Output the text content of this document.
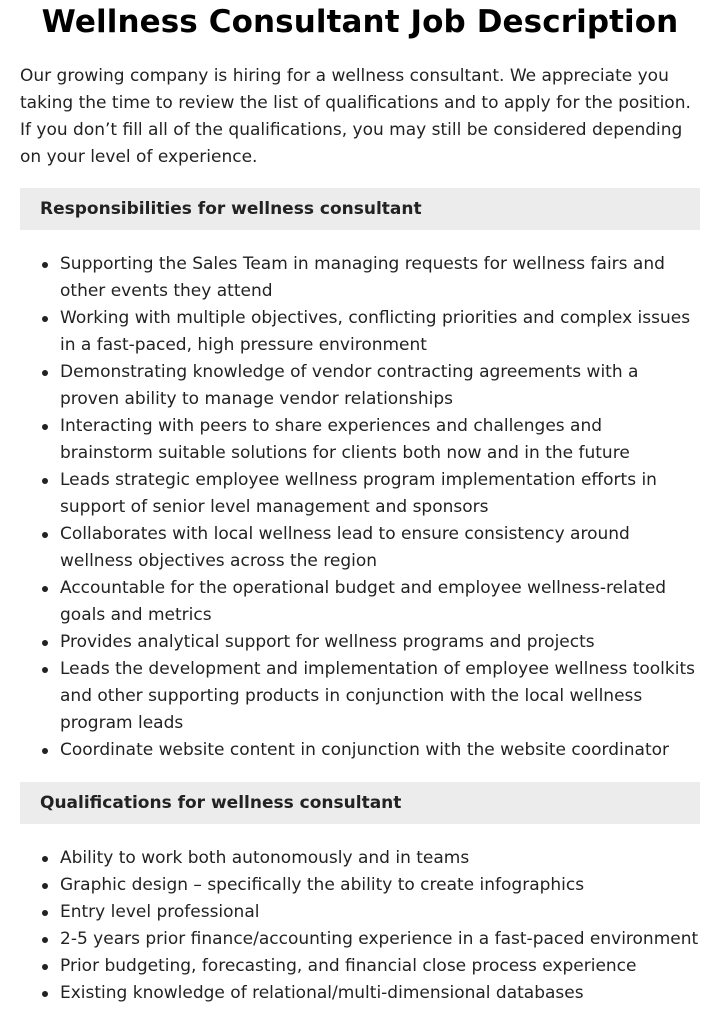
Wellness Consultant Job Description

Our growing company is hiring for a wellness consultant. We appreciate you taking the time to review the list of qualifications and to apply for the position. If you don’t fill all of the qualifications, you may still be considered depending on your level of experience.

Responsibilities for wellness consultant
Supporting the Sales Team in managing requests for wellness fairs and other events they attend
Working with multiple objectives, conflicting priorities and complex issues in a fast-paced, high pressure environment
Demonstrating knowledge of vendor contracting agreements with a proven ability to manage vendor relationships
Interacting with peers to share experiences and challenges and brainstorm suitable solutions for clients both now and in the future
Leads strategic employee wellness program implementation efforts in support of senior level management and sponsors
Collaborates with local wellness lead to ensure consistency around wellness objectives across the region
Accountable for the operational budget and employee wellness-related goals and metrics
Provides analytical support for wellness programs and projects
Leads the development and implementation of employee wellness toolkits and other supporting products in conjunction with the local wellness program leads
Coordinate website content in conjunction with the website coordinator
Qualifications for wellness consultant
Ability to work both autonomously and in teams
Graphic design – specifically the ability to create infographics
Entry level professional
2-5 years prior finance/accounting experience in a fast-paced environment
Prior budgeting, forecasting, and financial close process experience
Existing knowledge of relational/multi-dimensional databases
